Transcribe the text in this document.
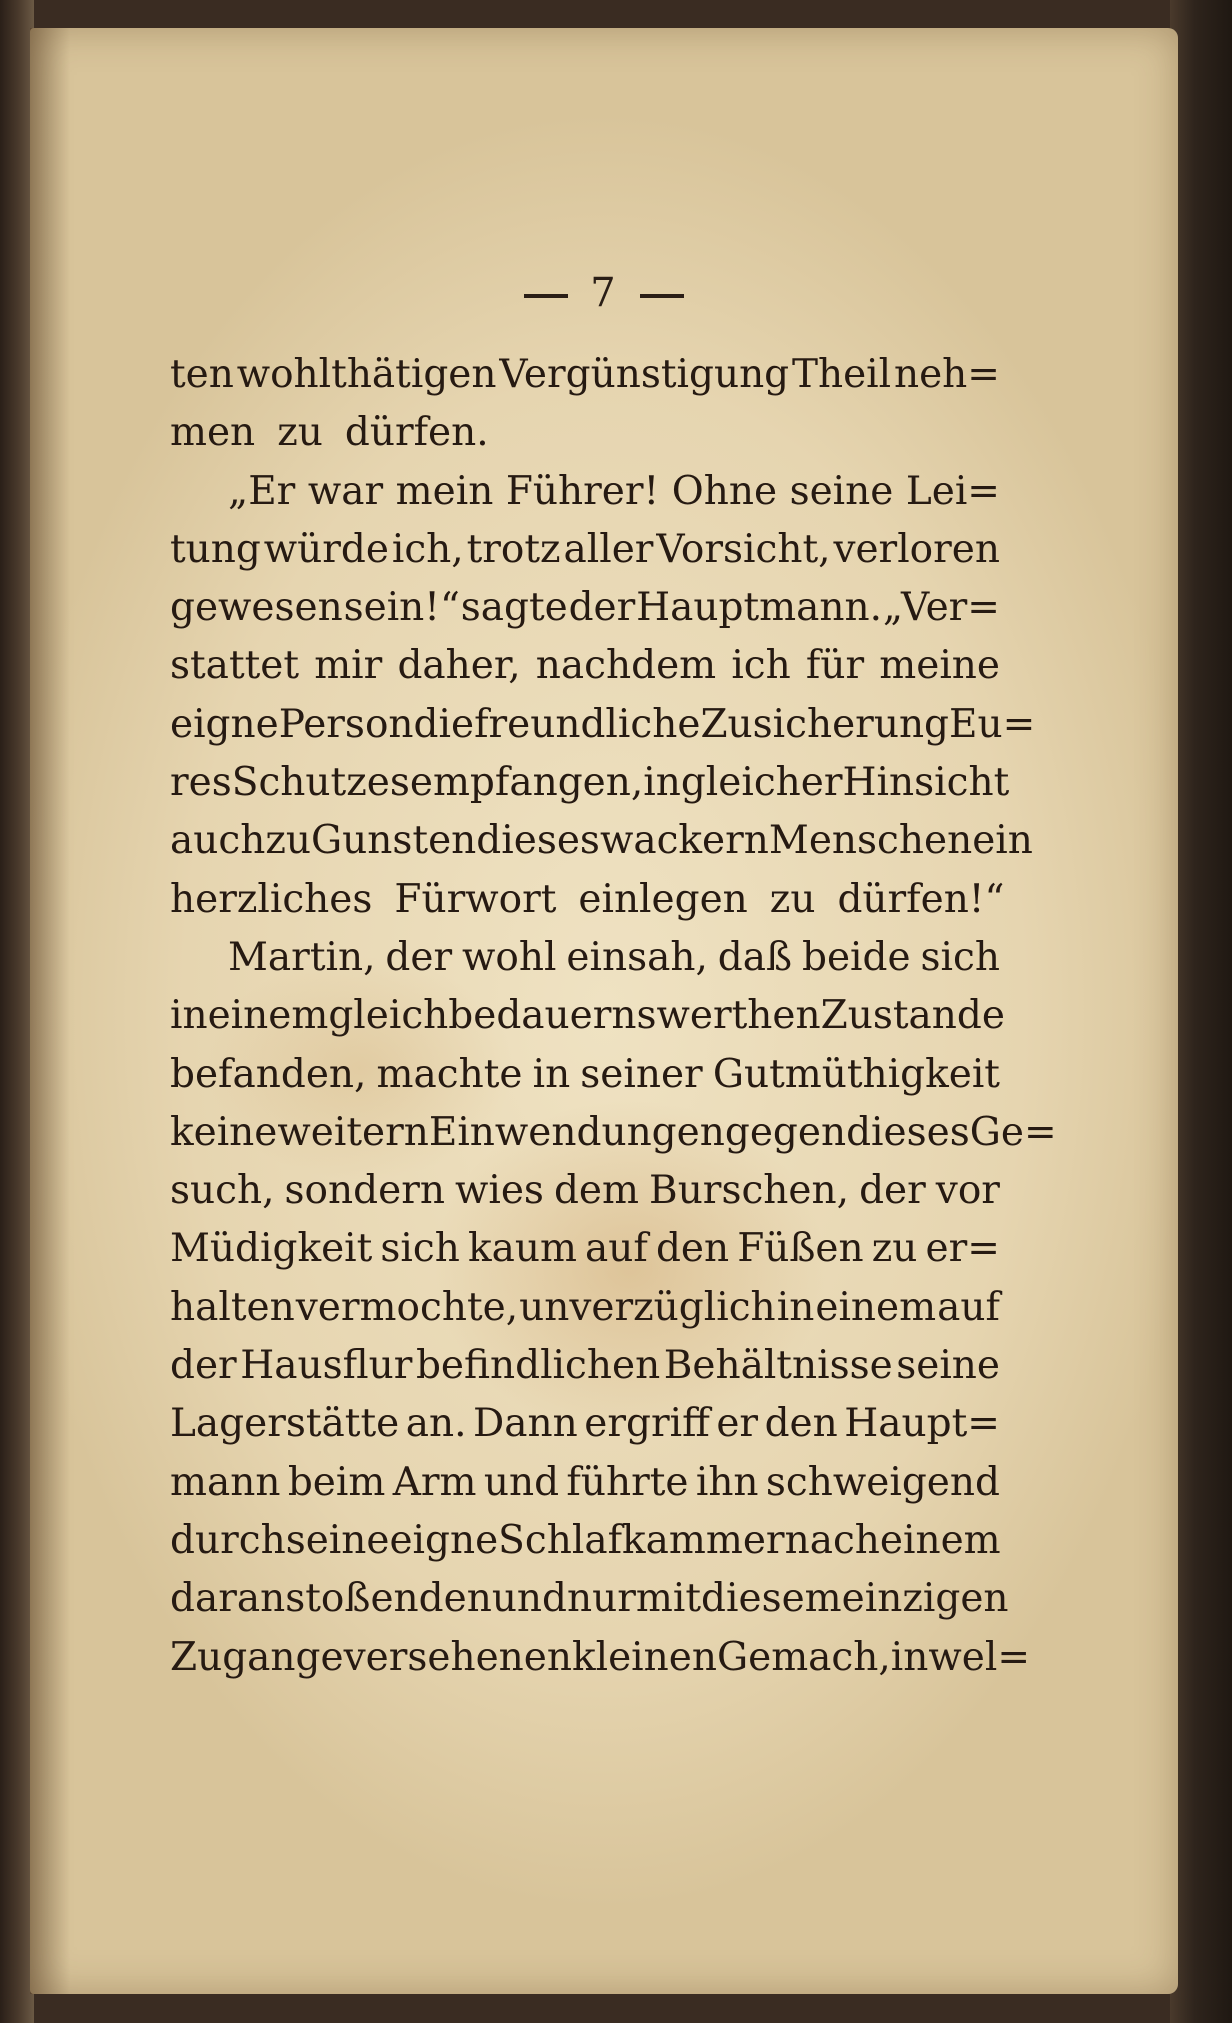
7
ten wohlthätigen Vergünstigung Theil neh=
men zu dürfen.
„Er war mein Führer! Ohne seine Lei=
tung würde ich, trotz aller Vorsicht, verloren
gewesen sein!“ sagte der Hauptmann. „Ver=
stattet mir daher, nachdem ich für meine
eigne Person die freundliche Zusicherung Eu=
res Schutzes empfangen, in gleicher Hinsicht
auch zu Gunsten dieses wackern Menschen ein
herzliches Fürwort einlegen zu dürfen!“
Martin, der wohl einsah, daß beide sich
in einem gleich bedauernswerthen Zustande
befanden, machte in seiner Gutmüthigkeit
keine weitern Einwendungen gegen dieses Ge=
such, sondern wies dem Burschen, der vor
Müdigkeit sich kaum auf den Füßen zu er=
halten vermochte, unverzüglich in einem auf
der Hausflur befindlichen Behältnisse seine
Lagerstätte an. Dann ergriff er den Haupt=
mann beim Arm und führte ihn schweigend
durch seine eigne Schlafkammer nach einem
daran stoßenden und nur mit diesem einzigen
Zugange versehenen kleinen Gemach, in wel=
